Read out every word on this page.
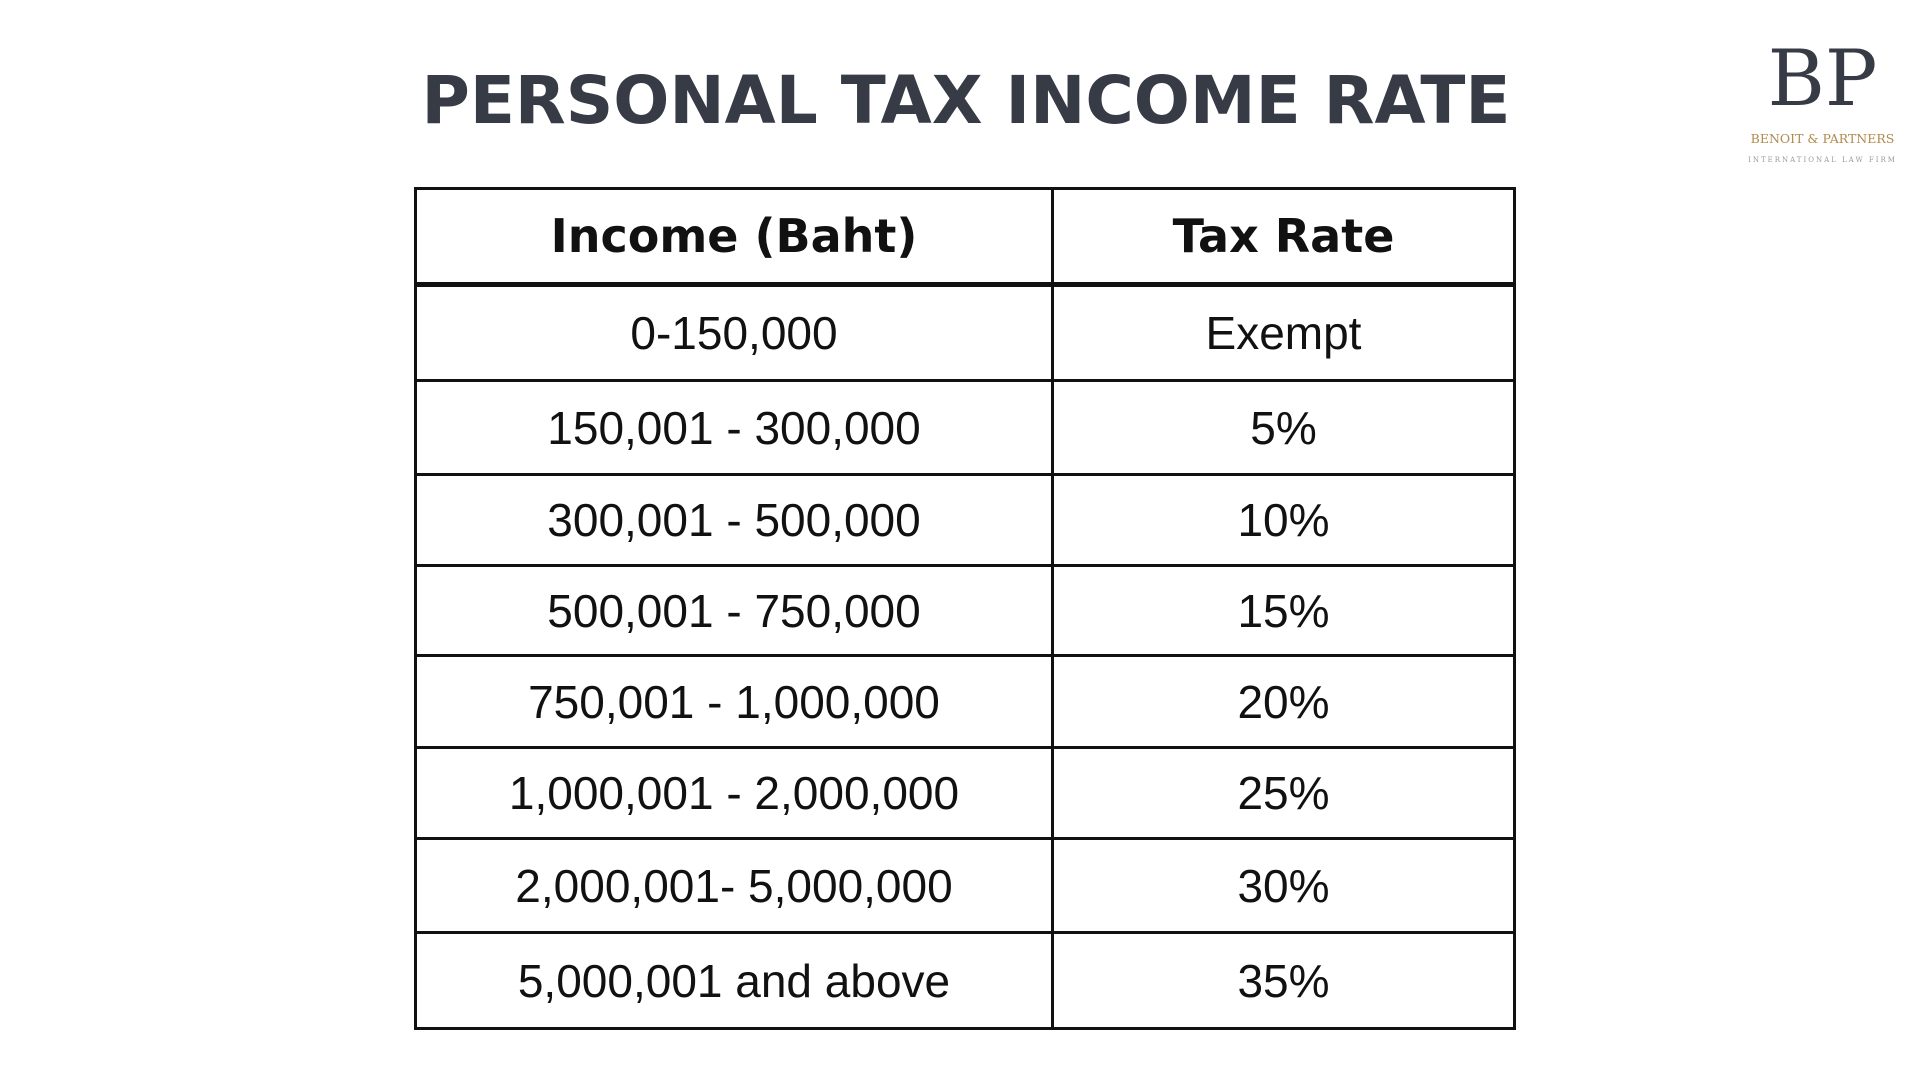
PERSONAL TAX INCOME RATE	BP
BENOIT & PARTNERS
INTERNATIONAL LAW FIRM
Income (Baht)	Tax Rate
0-150,000	Exempt
150,001 - 300,000	5%
300,001 - 500,000	10%
500,001 - 750,000	15%
750,001 - 1,000,000	20%
1,000,001 - 2,000,000	25%
2,000,001- 5,000,000	30%
5,000,001 and above	35%
